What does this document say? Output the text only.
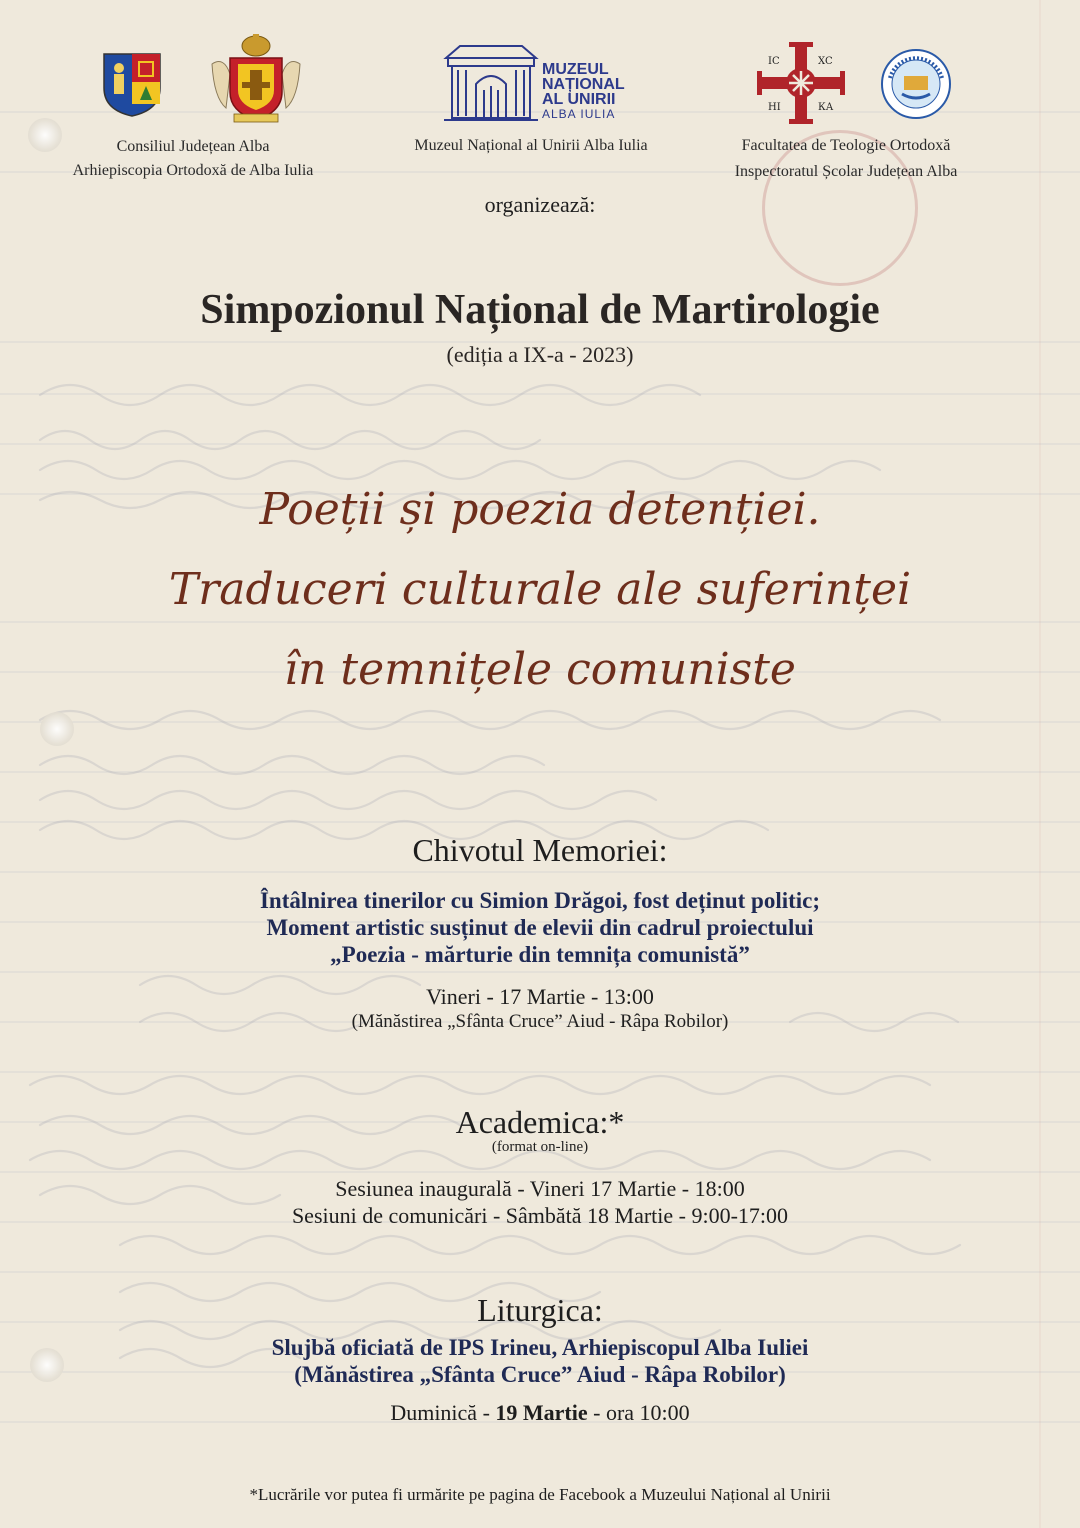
Consiliul Județean Alba
Arhiepiscopia Ortodoxă de Alba Iulia
MUZEUL
NAȚIONAL
AL UNIRII
ALBA IULIA
Muzeul Național al Unirii Alba Iulia
IC	XC
НІ	КА
Facultatea de Teologie Ortodoxă
Inspectoratul Școlar Județean Alba
organizează:
Simpozionul Național de Martirologie
(ediția a IX-a - 2023)
Poeții și poezia detenției.
Traduceri culturale ale suferinței
în temnițele comuniste
Chivotul Memoriei:
Întâlnirea tinerilor cu Simion Drăgoi, fost deținut politic;
Moment artistic susținut de elevii din cadrul proiectului
„Poezia - mărturie din temnița comunistă”
Vineri - 17 Martie - 13:00
(Mănăstirea „Sfânta Cruce” Aiud - Râpa Robilor)
Academica:*
(format on-line)
Sesiunea inaugurală - Vineri 17 Martie - 18:00
Sesiuni de comunicări - Sâmbătă 18 Martie - 9:00-17:00
Liturgica:
Slujbă oficiată de IPS Irineu, Arhiepiscopul Alba Iuliei
(Mănăstirea „Sfânta Cruce” Aiud - Râpa Robilor)
Duminică - 19 Martie - ora 10:00
*Lucrările vor putea fi urmărite pe pagina de Facebook a Muzeului Național al Unirii
